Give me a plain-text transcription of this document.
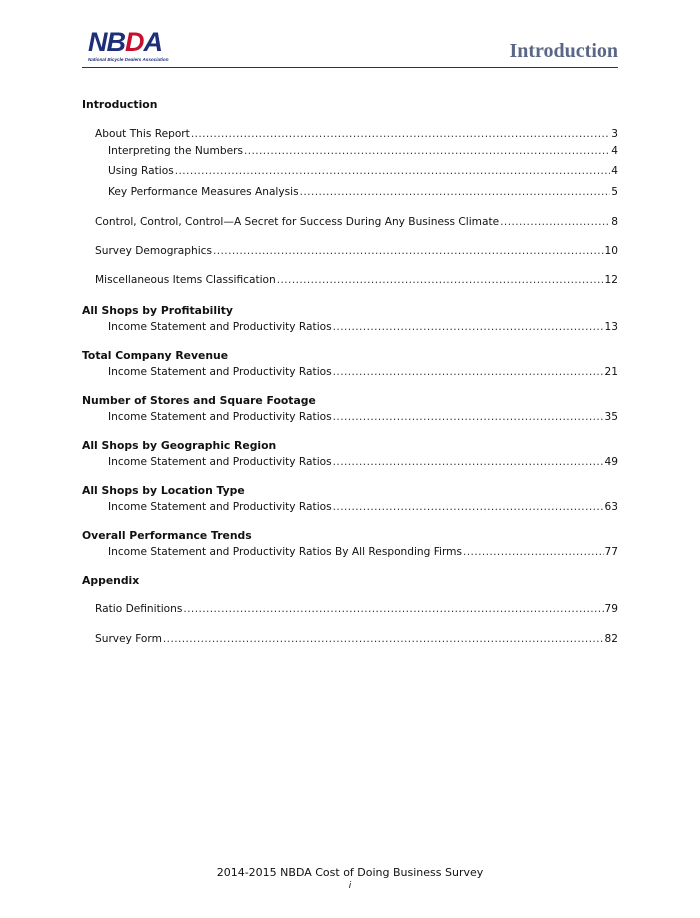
NBDA
National Bicycle Dealers Association	Introduction
Introduction
About This Report .....	3
Interpreting the Numbers .....	4
Using Ratios .....	4
Key Performance Measures Analysis .....	5
Control, Control, Control—A Secret for Success During Any Business Climate .....	8
Survey Demographics .....	10
Miscellaneous Items Classification .....	12
All Shops by Profitability
Income Statement and Productivity Ratios .....	13
Total Company Revenue
Income Statement and Productivity Ratios .....	21
Number of Stores and Square Footage
Income Statement and Productivity Ratios .....	35
All Shops by Geographic Region
Income Statement and Productivity Ratios .....	49
All Shops by Location Type
Income Statement and Productivity Ratios .....	63
Overall Performance Trends
Income Statement and Productivity Ratios By All Responding Firms .....	77
Appendix
Ratio Definitions .....	79
Survey Form .....	82
2014-2015 NBDA Cost of Doing Business Survey
i
